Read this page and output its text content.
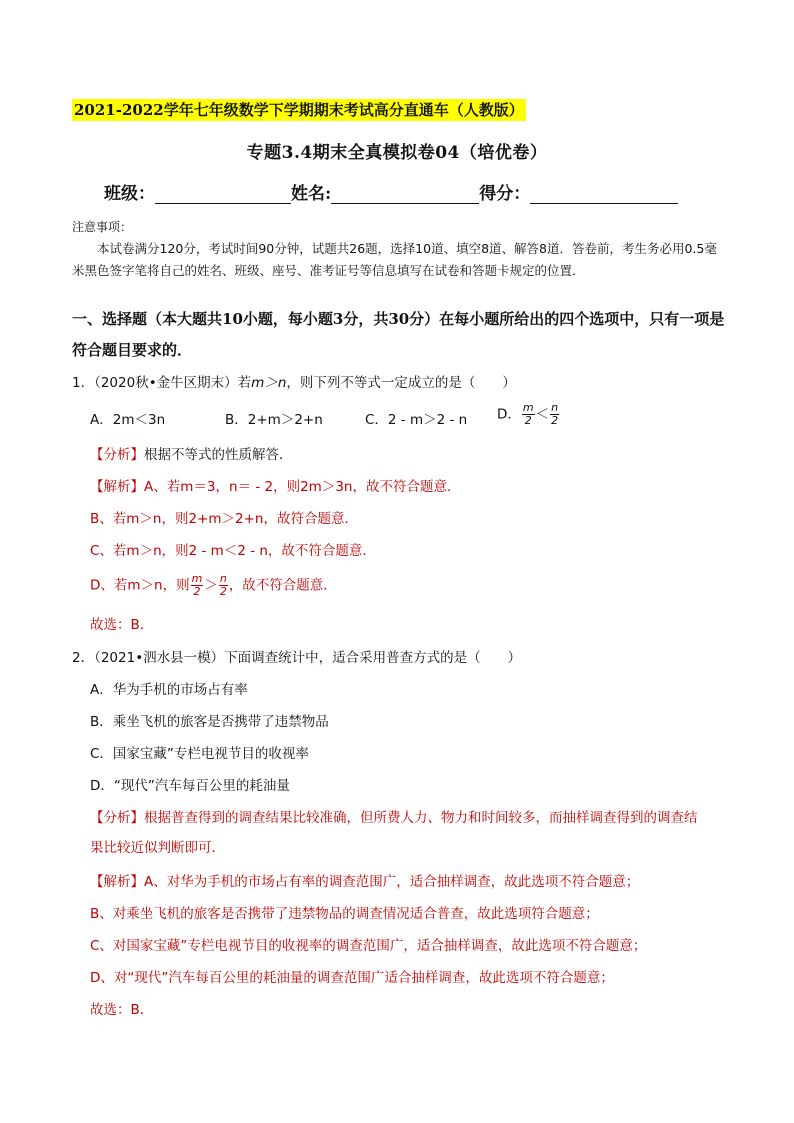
2021-2022学年七年级数学下学期期末考试高分直通车（人教版）
专题3.4期末全真模拟卷04（培优卷）
班级：	姓名:	得分：
注意事项：
本试卷满分120分，考试时间90分钟，试题共26题，选择10道、填空8道、解答8道．答卷前，考生务必用0.5毫米黑色签字笔将自己的姓名、班级、座号、准考证号等信息填写在试卷和答题卡规定的位置．
一、选择题（本大题共10小题，每小题3分，共30分）在每小题所给出的四个选项中，只有一项是符合题目要求的．
1．（2020秋•金牛区期末）若m＞n，则下列不等式一定成立的是（　　）
A．2m＜3n	B．2+m＞2+n	C．2 - m＞2 - n D． $\frac{m}{2} < \frac{n}{2}$
【分析】根据不等式的性质解答．
【解析】A、若m＝3，n＝ - 2，则2m＞3n，故不符合题意．
B、若m＞n，则2+m＞2+n，故符合题意．
C、若m＞n，则2 - m＜2 - n，故不符合题意．
D、若m＞n，则 $\frac{m}{2} > \frac{n}{2}$ ，故不符合题意．
故选：B．
2．（2021•泗水县一模）下面调查统计中，适合采用普查方式的是（　　）
A．华为手机的市场占有率
B．乘坐飞机的旅客是否携带了违禁物品
C．国家宝藏”专栏电视节目的收视率
D．“现代”汽车每百公里的耗油量
【分析】根据普查得到的调查结果比较准确，但所费人力、物力和时间较多，而抽样调查得到的调查结
果比较近似判断即可．
【解析】A、对华为手机的市场占有率的调查范围广，适合抽样调查，故此选项不符合题意；
B、对乘坐飞机的旅客是否携带了违禁物品的调查情况适合普查，故此选项符合题意；
C、对国家宝藏”专栏电视节目的收视率的调查范围广，适合抽样调查，故此选项不符合题意；
D、对“现代”汽车每百公里的耗油量的调查范围广适合抽样调查，故此选项不符合题意；
故选：B．
